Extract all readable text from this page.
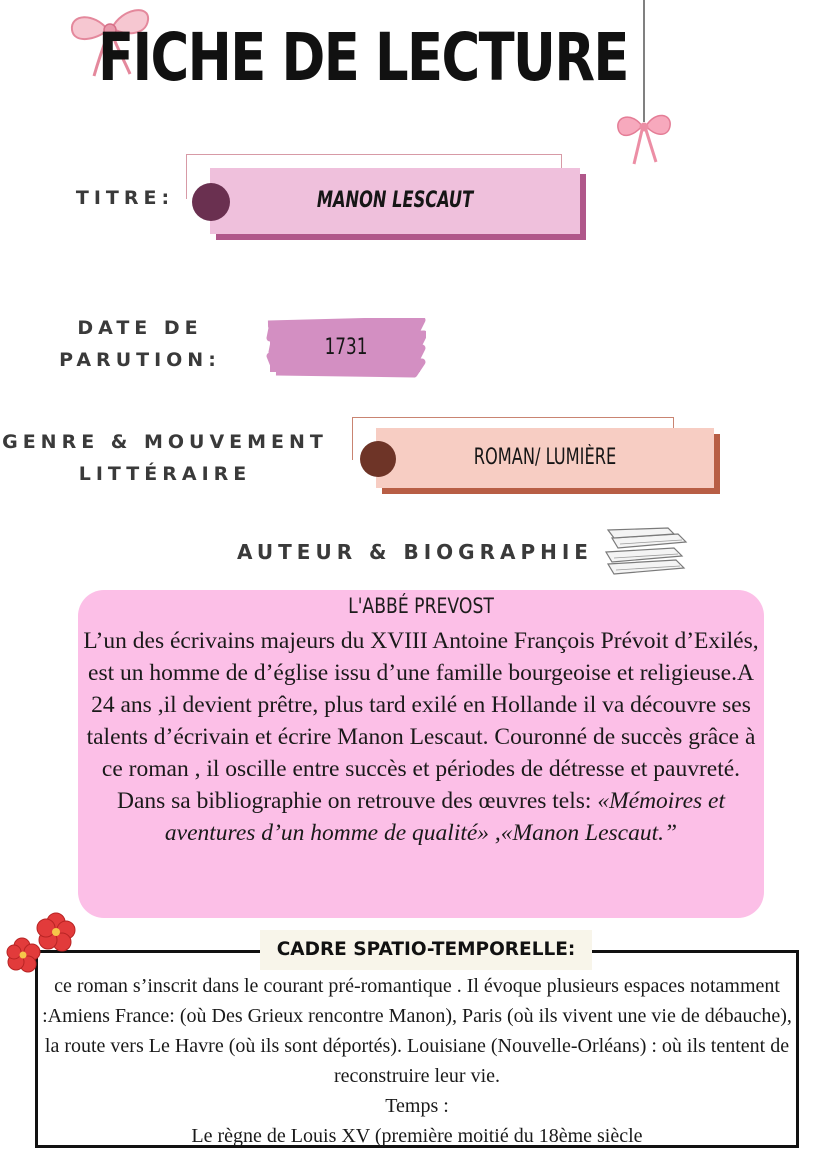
FICHE DE LECTURE
TITRE:	MANON LESCAUT
DATE DE
PARUTION:	1731
GENRE & MOUVEMENT
LITTÉRAIRE
ROMAN/ LUMIÈRE
AUTEUR & BIOGRAPHIE
L'ABBÉ PREVOST
L’un des écrivains majeurs du XVIII Antoine François Prévoit d’Exilés, est un homme de d’église issu d’une famille bourgeoise et religieuse.A 24 ans ,il devient prêtre, plus tard exilé en Hollande il va découvre ses talents d’écrivain et écrire Manon Lescaut. Couronné de succès grâce à ce roman , il oscille entre succès et périodes de détresse et pauvreté. Dans sa bibliographie on retrouve des œuvres tels: «Mémoires et aventures d’un homme de qualité» ,«Manon Lescaut.”
CADRE SPATIO-TEMPORELLE:
ce roman s’inscrit dans le courant pré-romantique . Il évoque plusieurs espaces notamment :Amiens France: (où Des Grieux rencontre Manon), Paris (où ils vivent une vie de débauche), la route vers Le Havre (où ils sont déportés). Louisiane (Nouvelle-Orléans) : où ils tentent de reconstruire leur vie.
Temps :
Le règne de Louis XV (première moitié du 18ème siècle
